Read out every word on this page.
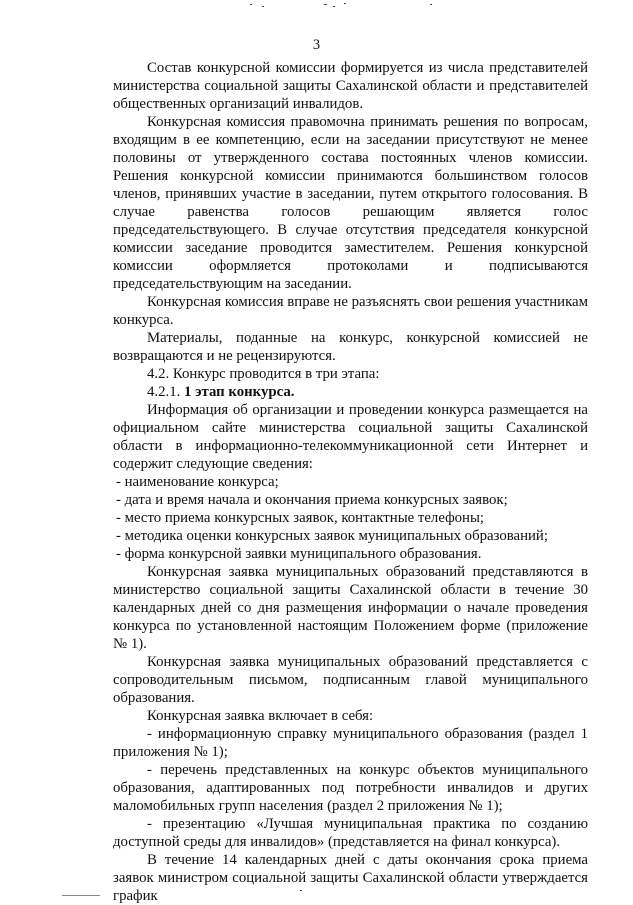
3

Состав конкурсной комиссии формируется из числа представителей министерства социальной защиты Сахалинской области и представителей общественных организаций инвалидов.

Конкурсная комиссия правомочна принимать решения по вопросам, входящим в ее компетенцию, если на заседании присутствуют не менее половины от утвержденного состава постоянных членов комиссии. Решения конкурсной комиссии принимаются большинством голосов членов, принявших участие в заседании, путем открытого голосования. В случае равенства голосов решающим является голос председательствующего. В случае отсутствия председателя конкурсной комиссии заседание проводится заместителем. Решения конкурсной комиссии оформляется протоколами и подписываются председательствующим на заседании.

Конкурсная комиссия вправе не разъяснять свои решения участникам конкурса.

Материалы, поданные на конкурс, конкурсной комиссией не возвращаются и не рецензируются.

4.2. Конкурс проводится в три этапа:

4.2.1. 1 этап конкурса.

Информация об организации и проведении конкурса размещается на официальном сайте министерства социальной защиты Сахалинской области в информационно-телекоммуникационной сети Интернет и содержит следующие сведения:

- наименование конкурса;

- дата и время начала и окончания приема конкурсных заявок;

- место приема конкурсных заявок, контактные телефоны;

- методика оценки конкурсных заявок муниципальных образований;

- форма конкурсной заявки муниципального образования.

Конкурсная заявка муниципальных образований представляются в министерство социальной защиты Сахалинской области в течение 30 календарных дней со дня размещения информации о начале проведения конкурса по установленной настоящим Положением форме (приложение № 1).

Конкурсная заявка муниципальных образований представляется с сопроводительным письмом, подписанным главой муниципального образования.

Конкурсная заявка включает в себя:

- информационную справку муниципального образования (раздел 1 приложения № 1);

- перечень представленных на конкурс объектов муниципального образования, адаптированных под потребности инвалидов и других маломобильных групп населения (раздел 2 приложения № 1);

- презентацию «Лучшая муниципальная практика по созданию доступной среды для инвалидов» (представляется на финал конкурса).

В течение 14 календарных дней с даты окончания срока приема заявок министром социальной защиты Сахалинской области утверждается график
